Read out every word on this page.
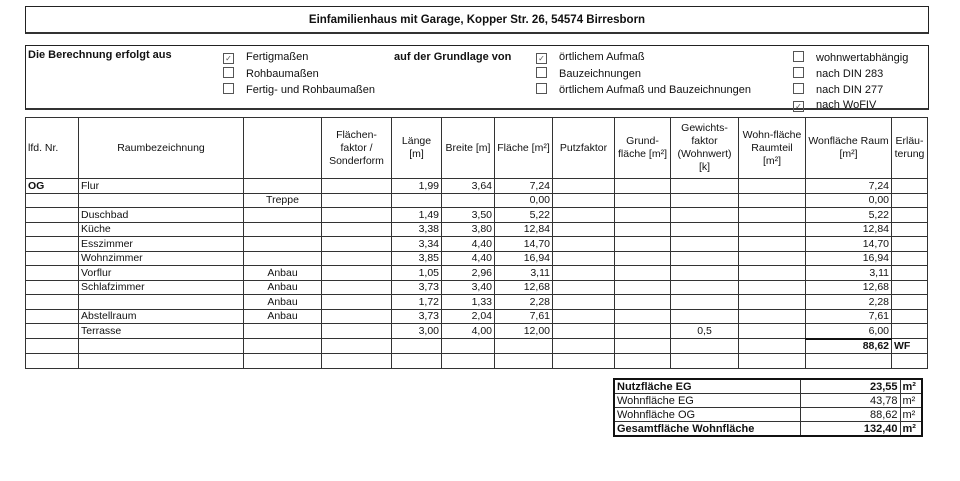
Einfamilienhaus mit Garage, Kopper Str. 26, 54574 Birresborn
Die Berechnung erfolgt aus	auf der Grundlage von
✓ Fertigmaßen
Rohbaumaßen
Fertig- und Rohbaumaßen
✓ örtlichem Aufmaß
Bauzeichnungen
örtlichem Aufmaß und Bauzeichnungen
wohnwertabhängig
nach DIN 283
nach DIN 277
✓ nach WoFIV
lfd. Nr.	Raumbezeichnung		Flächen-faktor / Sonderform	Länge [m]	Breite [m]	Fläche [m²]	Putzfaktor	Grund-fläche [m²]	Gewichts-faktor (Wohnwert) [k]	Wohn-fläche Raumteil [m²]	Wonfläche Raum [m²]	Erläu-terung
OG	Flur			1,99	3,64	7,24					7,24	
		Treppe				0,00					0,00	
	Duschbad			1,49	3,50	5,22					5,22	
	Küche			3,38	3,80	12,84					12,84	
	Esszimmer			3,34	4,40	14,70					14,70	
	Wohnzimmer			3,85	4,40	16,94					16,94	
	Vorflur	Anbau		1,05	2,96	3,11					3,11	
	Schlafzimmer	Anbau		3,73	3,40	12,68					12,68	
		Anbau		1,72	1,33	2,28					2,28	
	Abstellraum	Anbau		3,73	2,04	7,61					7,61	
	Terrasse			3,00	4,00	12,00			0,5		6,00	
											88,62	WF

Nutzfläche EG	23,55	m²
Wohnfläche EG	43,78	m²
Wohnfläche OG	88,62	m²
Gesamtfläche Wohnfläche	132,40	m²
